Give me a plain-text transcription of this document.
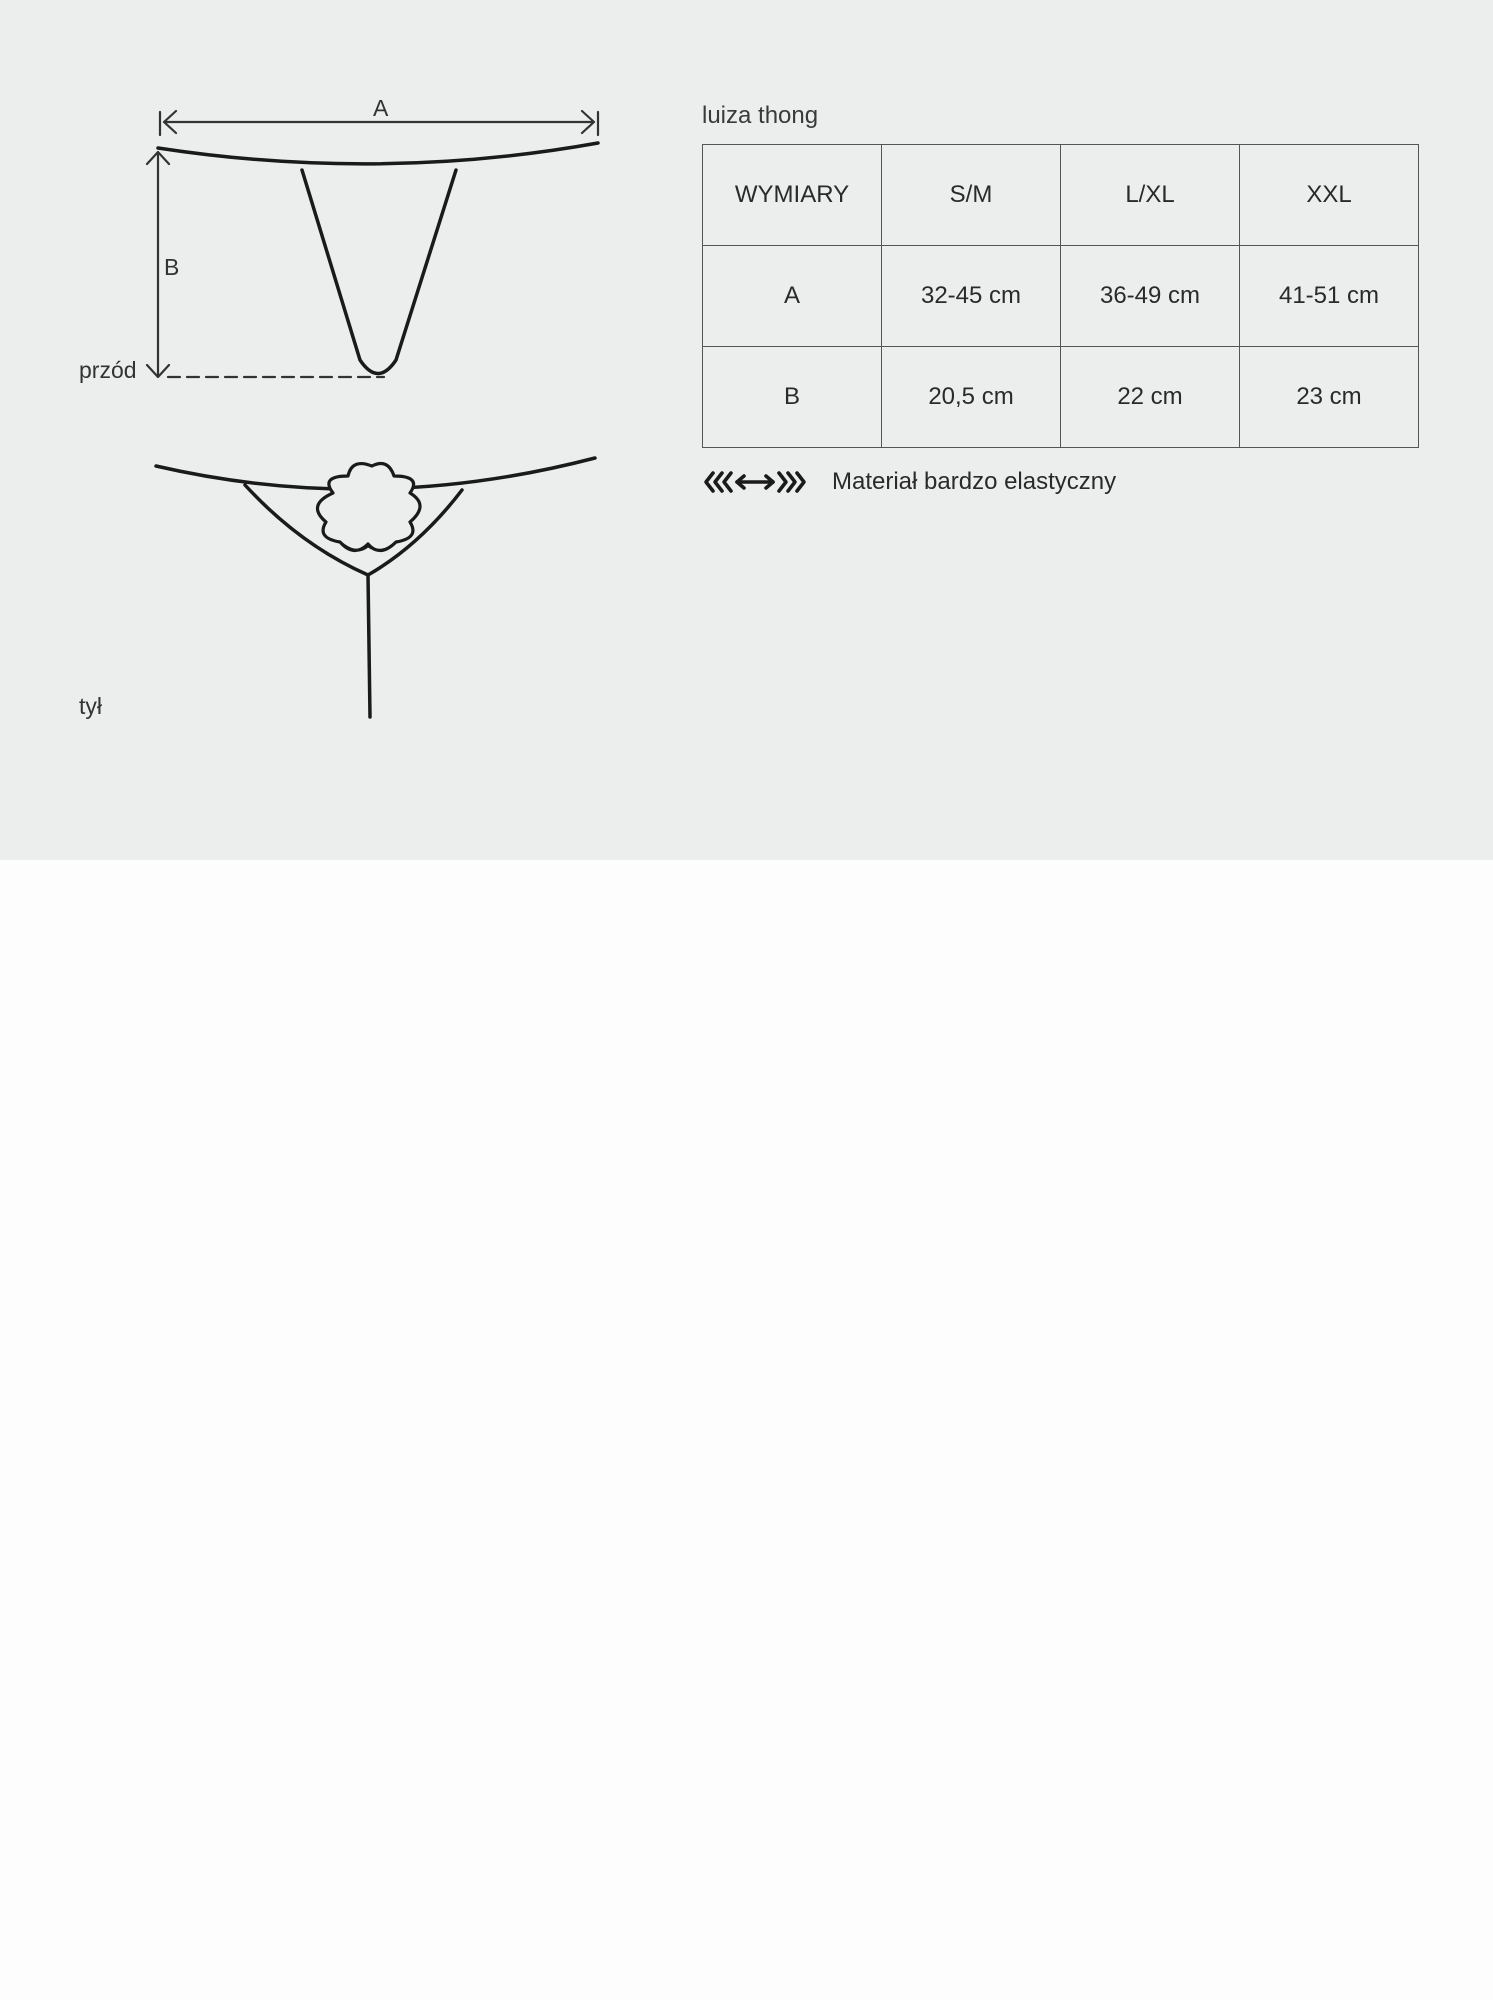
A
B
przód
tył
luiza thong
WYMIARY	S/M	L/XL	XXL
A	32-45 cm	36-49 cm	41-51 cm
B	20,5 cm	22 cm	23 cm
Materiał bardzo elastyczny
